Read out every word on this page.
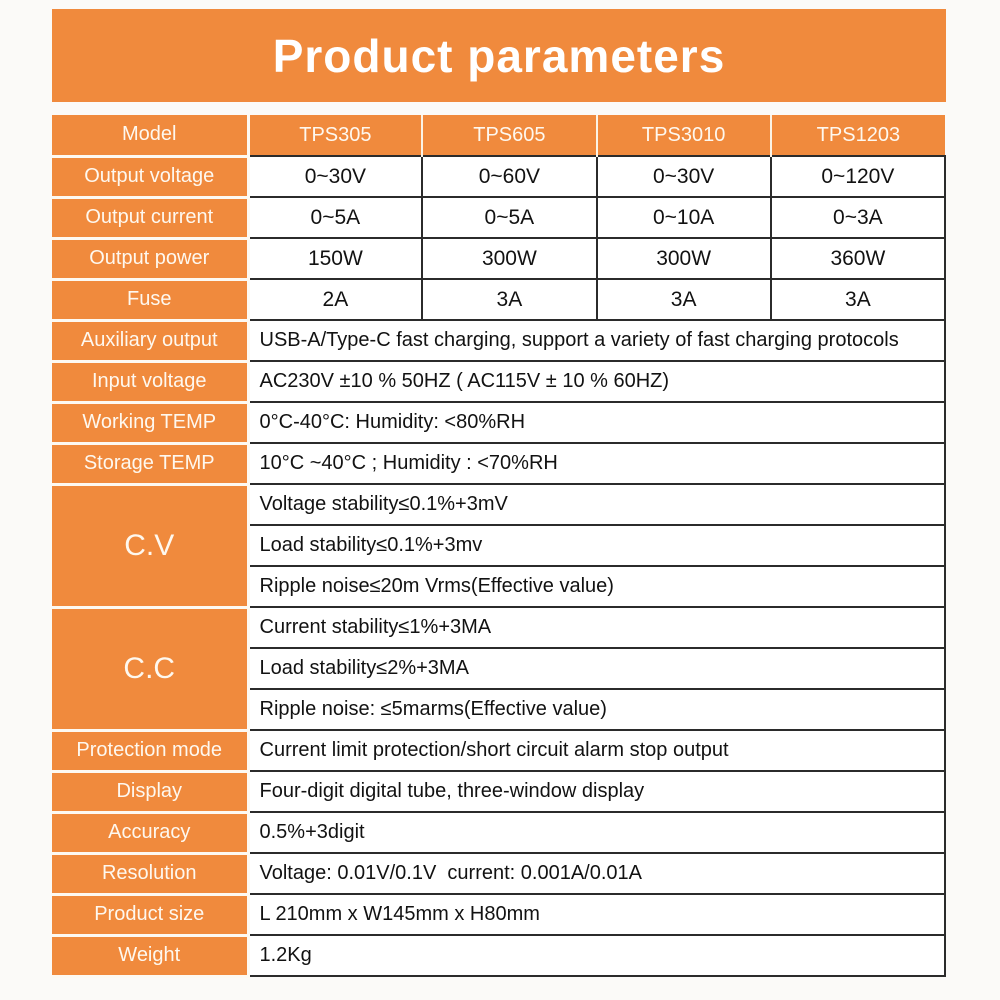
Product parameters
Model	TPS305	TPS605	TPS3010	TPS1203
Output voltage	0~30V	0~60V	0~30V	0~120V
Output current	0~5A	0~5A	0~10A	0~3A
Output power	150W	300W	300W	360W
Fuse	2A	3A	3A	3A
Auxiliary output	USB-A/Type-C fast charging, support a variety of fast charging protocols			
Input voltage	AC230V ±10 % 50HZ ( AC115V ± 10 % 60HZ)			
Working TEMP	0°C-40°C: Humidity: <80%RH			
Storage TEMP	10°C ~40°C ; Humidity : <70%RH			
C.V	Voltage stability≤0.1%+3mV			
	Load stability≤0.1%+3mv			
	Ripple noise≤20m Vrms(Effective value)			
C.C	Current stability≤1%+3MA			
	Load stability≤2%+3MA			
	Ripple noise: ≤5marms(Effective value)			
Protection mode	Current limit protection/short circuit alarm stop output			
Display	Four-digit digital tube, three-window display			
Accuracy	0.5%+3digit			
Resolution	Voltage: 0.01V/0.1V  current: 0.001A/0.01A			
Product size	L 210mm x W145mm x H80mm			
Weight	1.2Kg			
